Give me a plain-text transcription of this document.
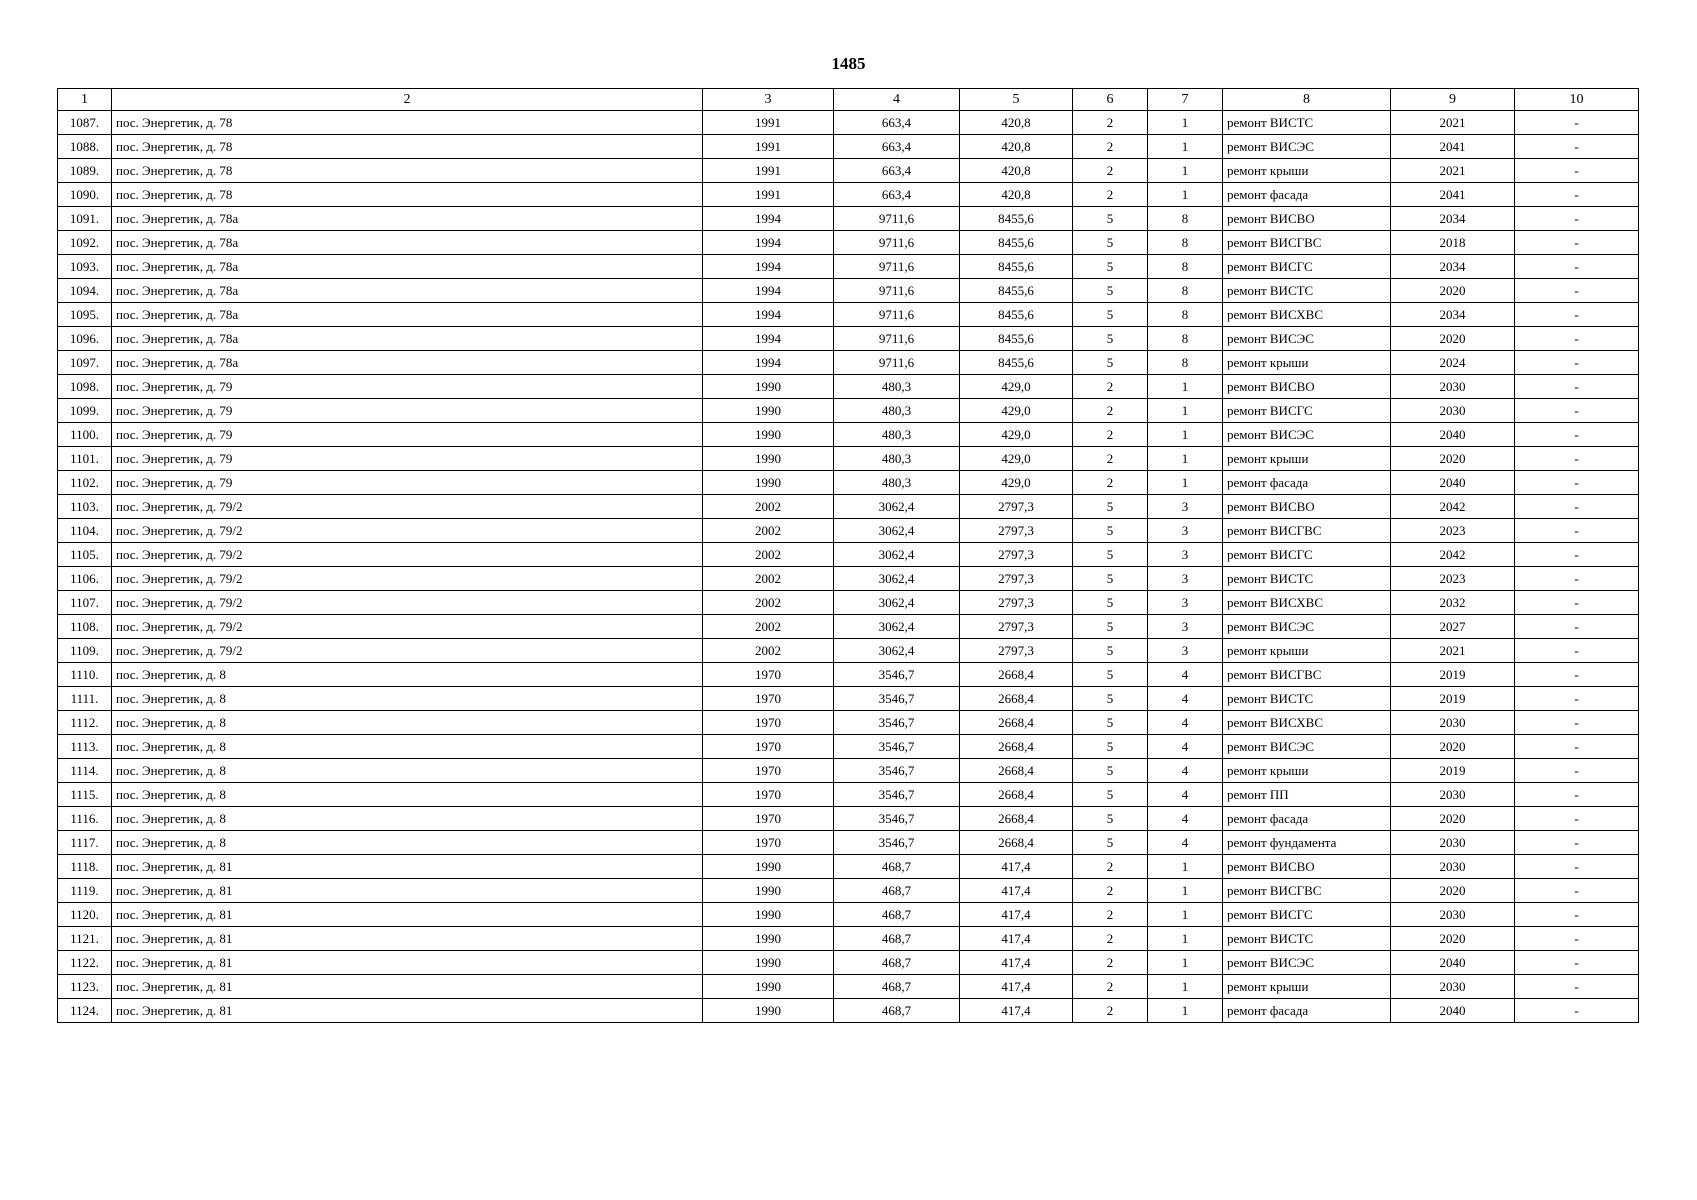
1485
1	2	3	4	5	6	7	8	9	10
1087.	пос. Энергетик, д. 78	1991	663,4	420,8	2	1	ремонт ВИСТС	2021	-
1088.	пос. Энергетик, д. 78	1991	663,4	420,8	2	1	ремонт ВИСЭС	2041	-
1089.	пос. Энергетик, д. 78	1991	663,4	420,8	2	1	ремонт крыши	2021	-
1090.	пос. Энергетик, д. 78	1991	663,4	420,8	2	1	ремонт фасада	2041	-
1091.	пос. Энергетик, д. 78а	1994	9711,6	8455,6	5	8	ремонт ВИСВО	2034	-
1092.	пос. Энергетик, д. 78а	1994	9711,6	8455,6	5	8	ремонт ВИСГВС	2018	-
1093.	пос. Энергетик, д. 78а	1994	9711,6	8455,6	5	8	ремонт ВИСГС	2034	-
1094.	пос. Энергетик, д. 78а	1994	9711,6	8455,6	5	8	ремонт ВИСТС	2020	-
1095.	пос. Энергетик, д. 78а	1994	9711,6	8455,6	5	8	ремонт ВИСХВС	2034	-
1096.	пос. Энергетик, д. 78а	1994	9711,6	8455,6	5	8	ремонт ВИСЭС	2020	-
1097.	пос. Энергетик, д. 78а	1994	9711,6	8455,6	5	8	ремонт крыши	2024	-
1098.	пос. Энергетик, д. 79	1990	480,3	429,0	2	1	ремонт ВИСВО	2030	-
1099.	пос. Энергетик, д. 79	1990	480,3	429,0	2	1	ремонт ВИСГС	2030	-
1100.	пос. Энергетик, д. 79	1990	480,3	429,0	2	1	ремонт ВИСЭС	2040	-
1101.	пос. Энергетик, д. 79	1990	480,3	429,0	2	1	ремонт крыши	2020	-
1102.	пос. Энергетик, д. 79	1990	480,3	429,0	2	1	ремонт фасада	2040	-
1103.	пос. Энергетик, д. 79/2	2002	3062,4	2797,3	5	3	ремонт ВИСВО	2042	-
1104.	пос. Энергетик, д. 79/2	2002	3062,4	2797,3	5	3	ремонт ВИСГВС	2023	-
1105.	пос. Энергетик, д. 79/2	2002	3062,4	2797,3	5	3	ремонт ВИСГС	2042	-
1106.	пос. Энергетик, д. 79/2	2002	3062,4	2797,3	5	3	ремонт ВИСТС	2023	-
1107.	пос. Энергетик, д. 79/2	2002	3062,4	2797,3	5	3	ремонт ВИСХВС	2032	-
1108.	пос. Энергетик, д. 79/2	2002	3062,4	2797,3	5	3	ремонт ВИСЭС	2027	-
1109.	пос. Энергетик, д. 79/2	2002	3062,4	2797,3	5	3	ремонт крыши	2021	-
1110.	пос. Энергетик, д. 8	1970	3546,7	2668,4	5	4	ремонт ВИСГВС	2019	-
1111.	пос. Энергетик, д. 8	1970	3546,7	2668,4	5	4	ремонт ВИСТС	2019	-
1112.	пос. Энергетик, д. 8	1970	3546,7	2668,4	5	4	ремонт ВИСХВС	2030	-
1113.	пос. Энергетик, д. 8	1970	3546,7	2668,4	5	4	ремонт ВИСЭС	2020	-
1114.	пос. Энергетик, д. 8	1970	3546,7	2668,4	5	4	ремонт крыши	2019	-
1115.	пос. Энергетик, д. 8	1970	3546,7	2668,4	5	4	ремонт ПП	2030	-
1116.	пос. Энергетик, д. 8	1970	3546,7	2668,4	5	4	ремонт фасада	2020	-
1117.	пос. Энергетик, д. 8	1970	3546,7	2668,4	5	4	ремонт фундамента	2030	-
1118.	пос. Энергетик, д. 81	1990	468,7	417,4	2	1	ремонт ВИСВО	2030	-
1119.	пос. Энергетик, д. 81	1990	468,7	417,4	2	1	ремонт ВИСГВС	2020	-
1120.	пос. Энергетик, д. 81	1990	468,7	417,4	2	1	ремонт ВИСГС	2030	-
1121.	пос. Энергетик, д. 81	1990	468,7	417,4	2	1	ремонт ВИСТС	2020	-
1122.	пос. Энергетик, д. 81	1990	468,7	417,4	2	1	ремонт ВИСЭС	2040	-
1123.	пос. Энергетик, д. 81	1990	468,7	417,4	2	1	ремонт крыши	2030	-
1124.	пос. Энергетик, д. 81	1990	468,7	417,4	2	1	ремонт фасада	2040	-
